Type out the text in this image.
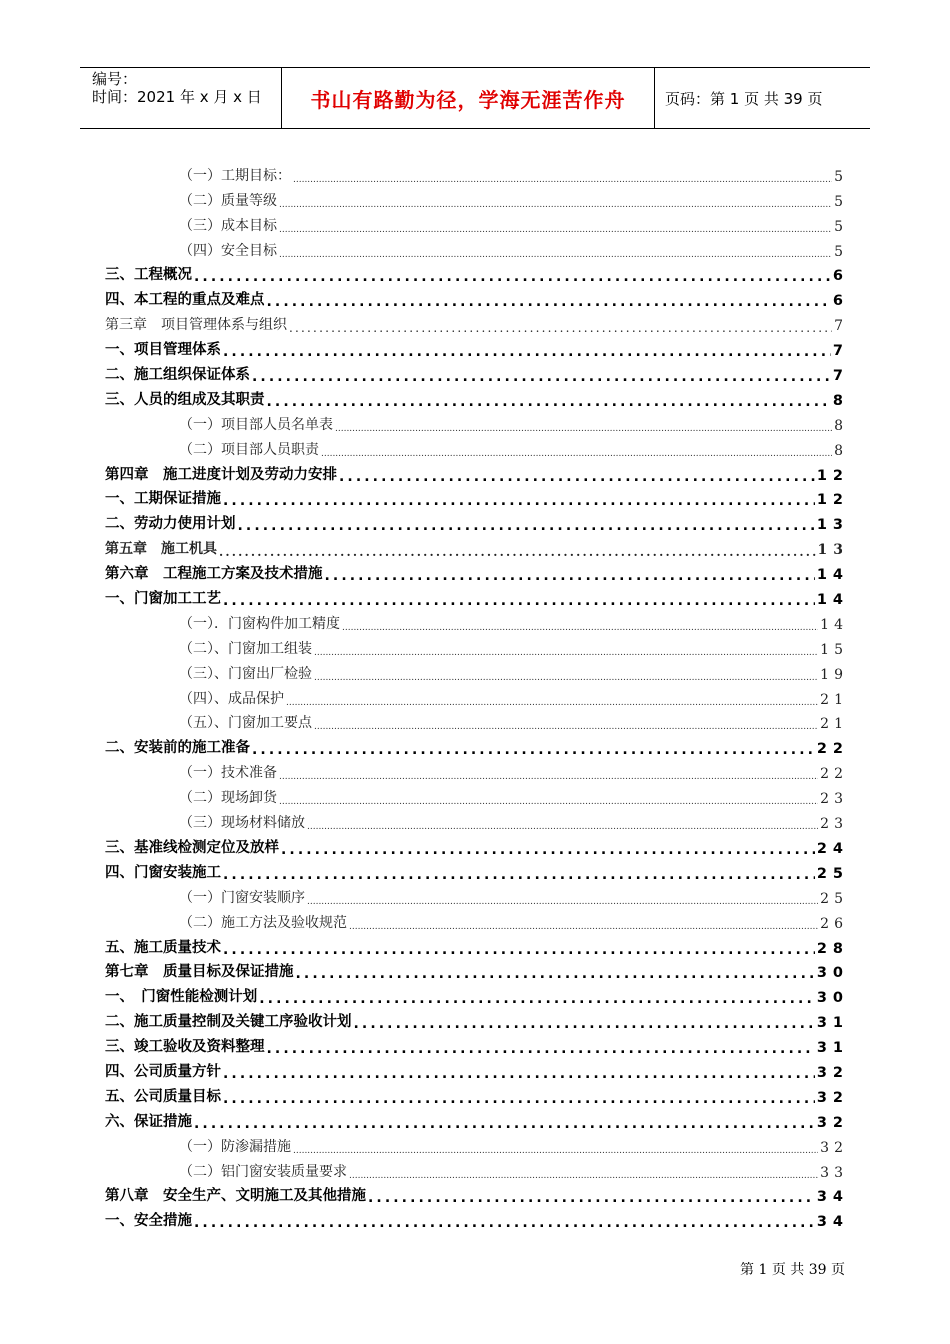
编号：
时间：2021 年 x 月 x 日	书山有路勤为径，学海无涯苦作舟	页码：第 1 页 共 39 页
（一）工期目标： .....	5
（二）质量等级 .....	5
（三）成本目标 .....	5
（四）安全目标 .....	5
三、工程概况 .....	6
四、本工程的重点及难点 .....	6
第三章　项目管理体系与组织 .....	7
一、项目管理体系 .....	7
二、施工组织保证体系 .....	7
三、人员的组成及其职责 .....	8
（一）项目部人员名单表 .....	8
（二）项目部人员职责 .....	8
第四章　施工进度计划及劳动力安排 .....	12
一、工期保证措施 .....	12
二、劳动力使用计划 .....	13
第五章　施工机具 .....	13
第六章　工程施工方案及技术措施 .....	14
一、门窗加工工艺 .....	14
（一）．门窗构件加工精度 .....	14
（二）、门窗加工组装 .....	15
（三）、门窗出厂检验 .....	19
（四）、成品保护 .....	21
（五）、门窗加工要点 .....	21
二、安装前的施工准备 .....	22
（一）技术准备 .....	22
（二）现场卸货 .....	23
（三）现场材料储放 .....	23
三、基准线检测定位及放样 .....	24
四、门窗安装施工 .....	25
（一）门窗安装顺序 .....	25
（二）施工方法及验收规范 .....	26
五、施工质量技术 .....	28
第七章　质量目标及保证措施 .....	30
一、　门窗性能检测计划 .....	30
二、施工质量控制及关键工序验收计划 .....	31
三、竣工验收及资料整理 .....	31
四、公司质量方针 .....	32
五、公司质量目标 .....	32
六、保证措施 .....	32
（一）防渗漏措施 .....	32
（二）铝门窗安装质量要求 .....	33
第八章　安全生产、文明施工及其他措施 .....	34
一、安全措施 .....	34
第 1 页 共 39 页
